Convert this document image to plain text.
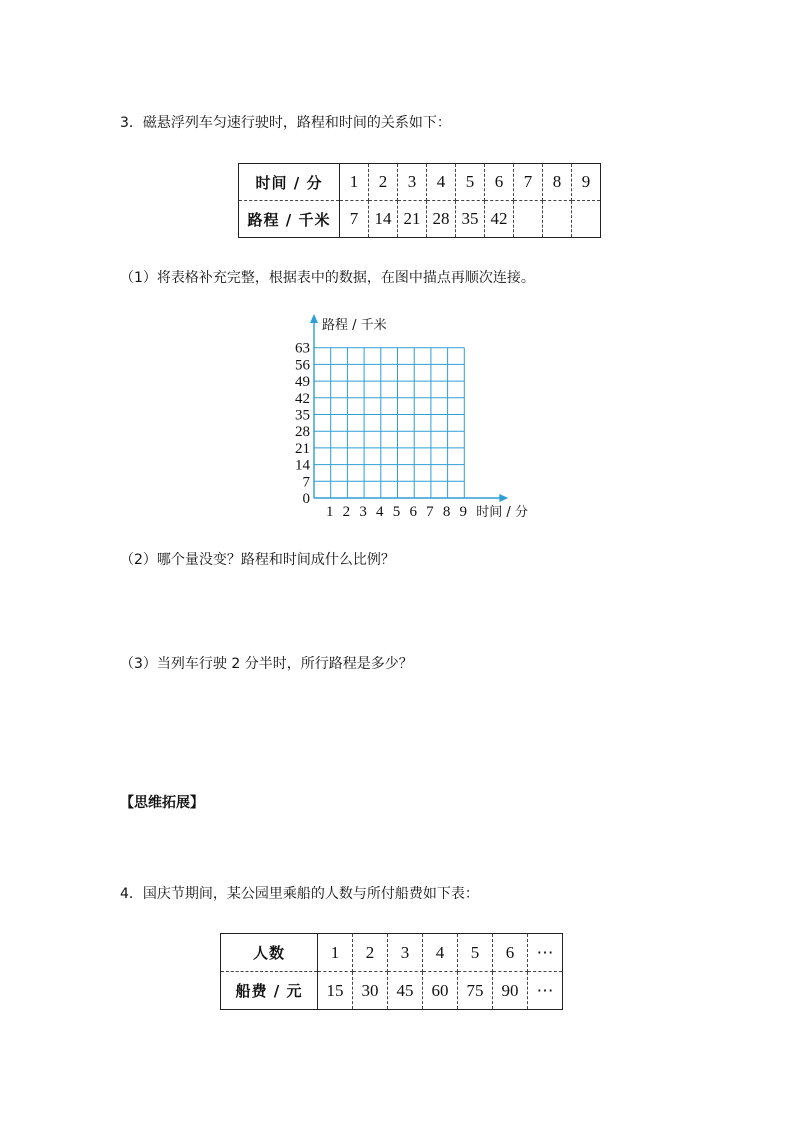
3．磁悬浮列车匀速行驶时，路程和时间的关系如下：
时间 / 分	1	2	3	4	5	6	7	8	9
路程 / 千米	7	14	21	28	35	42			
（1）将表格补充完整，根据表中的数据，在图中描点再顺次连接。
1 2 3 4 5 6 7 8 9
0
7
14
21
28
35
42
49
56
63
时间 / 分
路程 / 千米
（2）哪个量没变？路程和时间成什么比例？
（3）当列车行驶 2 分半时，所行路程是多少？
【思维拓展】
4．国庆节期间，某公园里乘船的人数与所付船费如下表：
人数	1	2	3	4	5	6	⋯
船费 / 元	15	30	45	60	75	90	⋯
